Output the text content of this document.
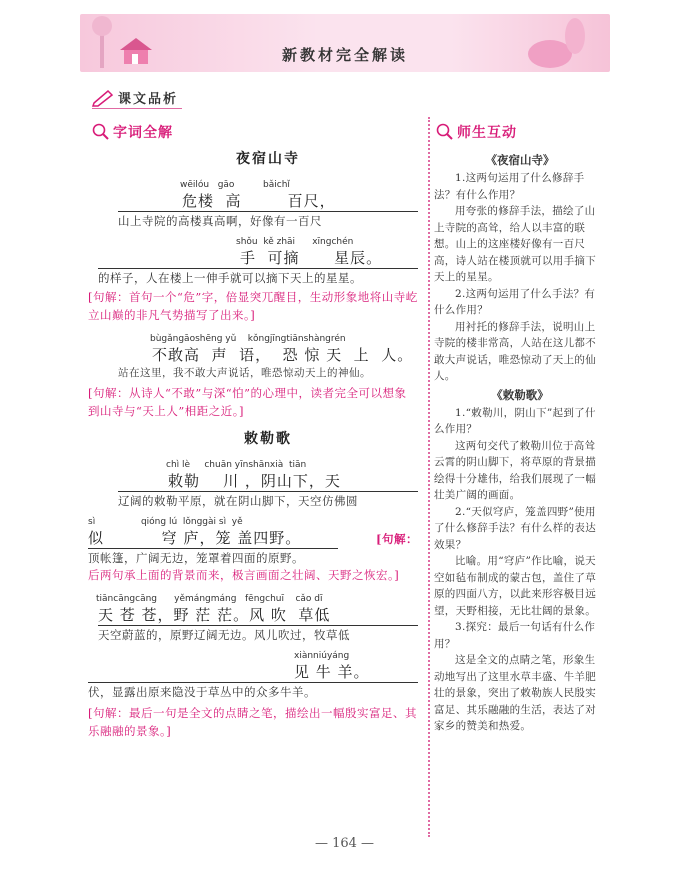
新教材完全解读
课文品析
字词全解
夜宿山寺
wēilóu   gāo          bǎichǐ
危楼  高        百尺，
山上寺院的高楼真高啊，好像有一百尺
shǒu  kě zhāi      xīngchén
手  可摘      星辰。
的样子，人在楼上一伸手就可以摘下天上的星星。
[句解：首句一个“危”字，倍显突兀醒目，生动形象地将山寺屹立山巅的非凡气势描写了出来。]
bùgǎngāoshēng yǔ    kǒngjīngtiānshàngrén
不敢高  声  语，  恐 惊 天  上  人。
站在这里，我不敢大声说话，唯恐惊动天上的神仙。
[句解：从诗人“不敢”与深“怕”的心理中，读者完全可以想象到山寺与“天上人”相距之近。]
敕勒歌
chì lè     chuān yīnshānxià  tiān
敕勒    川 ，阴山下，天
辽阔的敕勒平原，就在阴山脚下，天空仿佛圆
sì                qióng lú  lǒnggài sì  yě
似          穹 庐，笼 盖四野。	[句解：
顶帐篷，广阔无边，笼罩着四面的原野。
后两句承上面的背景而来，极言画面之壮阔、天野之恢宏。]
tiāncāngcāng      yěmángmáng   fēngchuī    cǎo dī
天 苍 苍，野 茫 茫。风 吹  草低
天空蔚蓝的，原野辽阔无边。风儿吹过，牧草低
xiànniúyáng
见 牛 羊。
伏，显露出原来隐没于草丛中的众多牛羊。
[句解：最后一句是全文的点睛之笔，描绘出一幅殷实富足、其乐融融的景象。]
师生互动
《夜宿山寺》
1.这两句运用了什么修辞手法？有什么作用？
用夸张的修辞手法，描绘了山上寺院的高耸，给人以丰富的联想。山上的这座楼好像有一百尺高，诗人站在楼顶就可以用手摘下天上的星星。
2.这两句运用了什么手法？有什么作用？
用衬托的修辞手法，说明山上寺院的楼非常高，人站在这儿都不敢大声说话，唯恐惊动了天上的仙人。
《敕勒歌》
1.“敕勒川，阴山下”起到了什么作用？
这两句交代了敕勒川位于高耸云霄的阴山脚下，将草原的背景描绘得十分雄伟，给我们展现了一幅壮美广阔的画面。
2.“天似穹庐，笼盖四野”使用了什么修辞手法？有什么样的表达效果？
比喻。用“穹庐”作比喻，说天空如毡布制成的蒙古包，盖住了草原的四面八方，以此来形容极目远望，天野相接，无比壮阔的景象。
3.探究：最后一句话有什么作用？
这是全文的点睛之笔，形象生动地写出了这里水草丰盛、牛羊肥壮的景象，突出了敕勒族人民殷实富足、其乐融融的生活，表达了对家乡的赞美和热爱。
— 164 —
